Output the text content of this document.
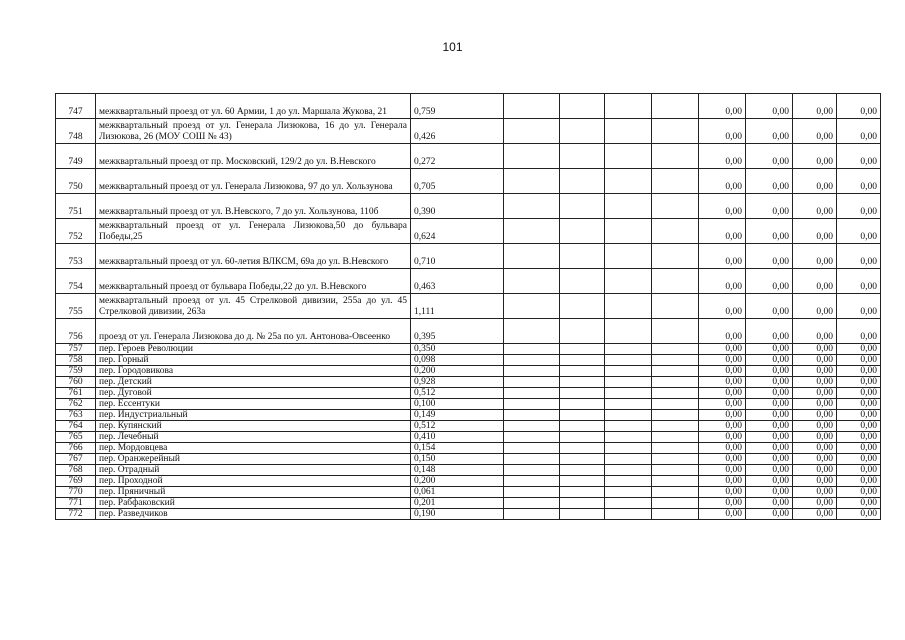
101
747	межквартальный проезд от ул. 60 Армии, 1 до ул. Маршала Жукова, 21	0,759					0,00	0,00	0,00	0,00
748	межквартальный проезд от ул. Генерала Лизюкова, 16 до ул. Генерала Лизюкова, 26 (МОУ СОШ № 43)	0,426					0,00	0,00	0,00	0,00
749	межквартальный проезд от пр. Московский, 129/2 до ул. В.Невского	0,272					0,00	0,00	0,00	0,00
750	межквартальный проезд от ул. Генерала Лизюкова, 97 до ул. Хользунова	0,705					0,00	0,00	0,00	0,00
751	межквартальный проезд от ул. В.Невского, 7 до ул. Хользунова, 110б	0,390					0,00	0,00	0,00	0,00
752	межквартальный проезд от ул. Генерала Лизюкова,50 до бульвара Победы,25	0,624					0,00	0,00	0,00	0,00
753	межквартальный проезд от ул. 60-летия ВЛКСМ, 69а до ул. В.Невского	0,710					0,00	0,00	0,00	0,00
754	межквартальный проезд от бульвара Победы,22 до ул. В.Невского	0,463					0,00	0,00	0,00	0,00
755	межквартальный проезд от ул. 45 Стрелковой дивизии, 255а до ул. 45 Стрелковой дивизии, 263а	1,111					0,00	0,00	0,00	0,00
756	проезд от ул. Генерала Лизюкова до д. № 25а по ул. Антонова-Овсеенко	0,395					0,00	0,00	0,00	0,00
757	пер. Героев Революции	0,350					0,00	0,00	0,00	0,00
758	пер. Горный	0,098					0,00	0,00	0,00	0,00
759	пер. Городовикова	0,200					0,00	0,00	0,00	0,00
760	пер. Детский	0,928					0,00	0,00	0,00	0,00
761	пер. Дуговой	0,512					0,00	0,00	0,00	0,00
762	пер. Ессентуки	0,100					0,00	0,00	0,00	0,00
763	пер. Индустриальный	0,149					0,00	0,00	0,00	0,00
764	пер. Купянский	0,512					0,00	0,00	0,00	0,00
765	пер. Лечебный	0,410					0,00	0,00	0,00	0,00
766	пер. Мордовцева	0,154					0,00	0,00	0,00	0,00
767	пер. Оранжерейный	0,150					0,00	0,00	0,00	0,00
768	пер. Отрадный	0,148					0,00	0,00	0,00	0,00
769	пер. Проходной	0,200					0,00	0,00	0,00	0,00
770	пер. Пряничный	0,061					0,00	0,00	0,00	0,00
771	пер. Рабфаковский	0,201					0,00	0,00	0,00	0,00
772	пер. Разведчиков	0,190					0,00	0,00	0,00	0,00
